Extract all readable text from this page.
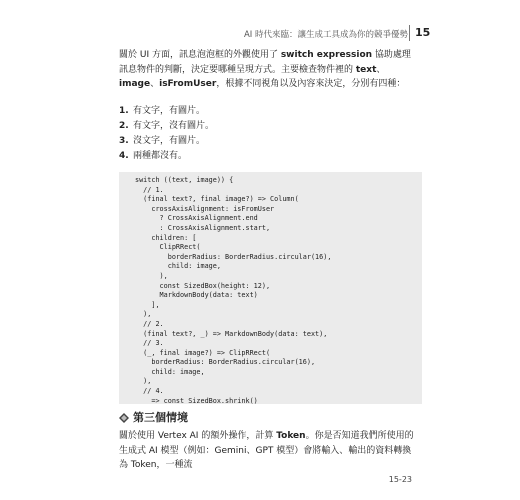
AI 時代來臨：讓生成工具成為你的競爭優勢 15

關於 UI 方面，訊息泡泡框的外觀使用了 switch expression 協助處理訊息物件的判斷，決定要哪種呈現方式。主要檢查物件裡的 text、image、isFromUser，根據不同視角以及內容來決定，分別有四種：

1. 有文字，有圖片。
2. 有文字，沒有圖片。
3. 沒文字，有圖片。
4. 兩種都沒有。
switch ((text, image)) {
// 1.
(final text?, final image?) => Column(
crossAxisAlignment: isFromUser
? CrossAxisAlignment.end
: CrossAxisAlignment.start,
children: [
ClipRRect(
borderRadius: BorderRadius.circular(16),
child: image,
),
const SizedBox(height: 12),
MarkdownBody(data: text)
],
),
// 2.
(final text?, _) => MarkdownBody(data: text),
// 3.
(_, final image?) => ClipRRect(
borderRadius: BorderRadius.circular(16),
child: image,
),
// 4.
_ => const SizedBox.shrink()

第三個情境

關於使用 Vertex AI 的額外操作，計算 Token。你是否知道我們所使用的生成式 AI 模型（例如：Gemini、GPT 模型）會將輸入、輸出的資料轉換為 Token，一種流

15-23
